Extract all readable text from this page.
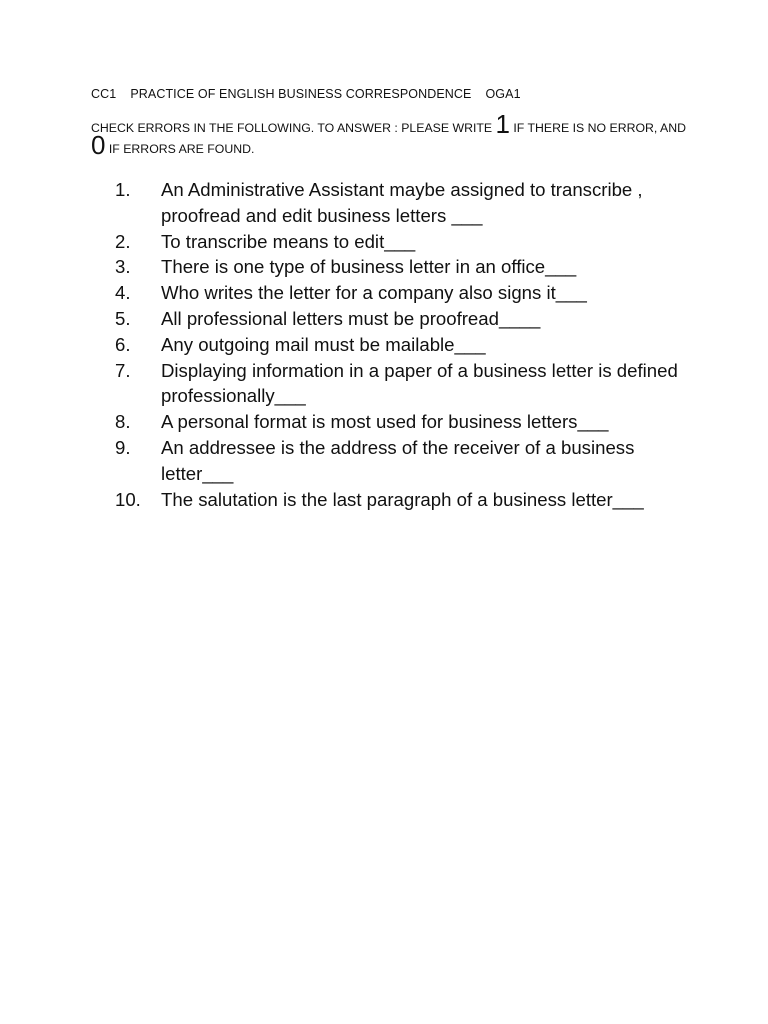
CC1 PRACTICE OF ENGLISH BUSINESS CORRESPONDENCE OGA1
CHECK ERRORS IN THE FOLLOWING. TO ANSWER : PLEASE WRITE 1 IF THERE IS NO ERROR, AND 0 IF ERRORS ARE FOUND.
1. An Administrative Assistant maybe assigned to transcribe , proofread and edit business letters ___
2. To transcribe means to edit___
3. There is one type of business letter in an office___
4. Who writes the letter for a company also signs it___
5. All professional letters must be proofread____
6. Any outgoing mail must be mailable___
7. Displaying information in a paper of a business letter is defined professionally___
8. A personal format is most used for business letters___
9. An addressee is the address of the receiver of a business letter___
10. The salutation is the last paragraph of a business letter___
